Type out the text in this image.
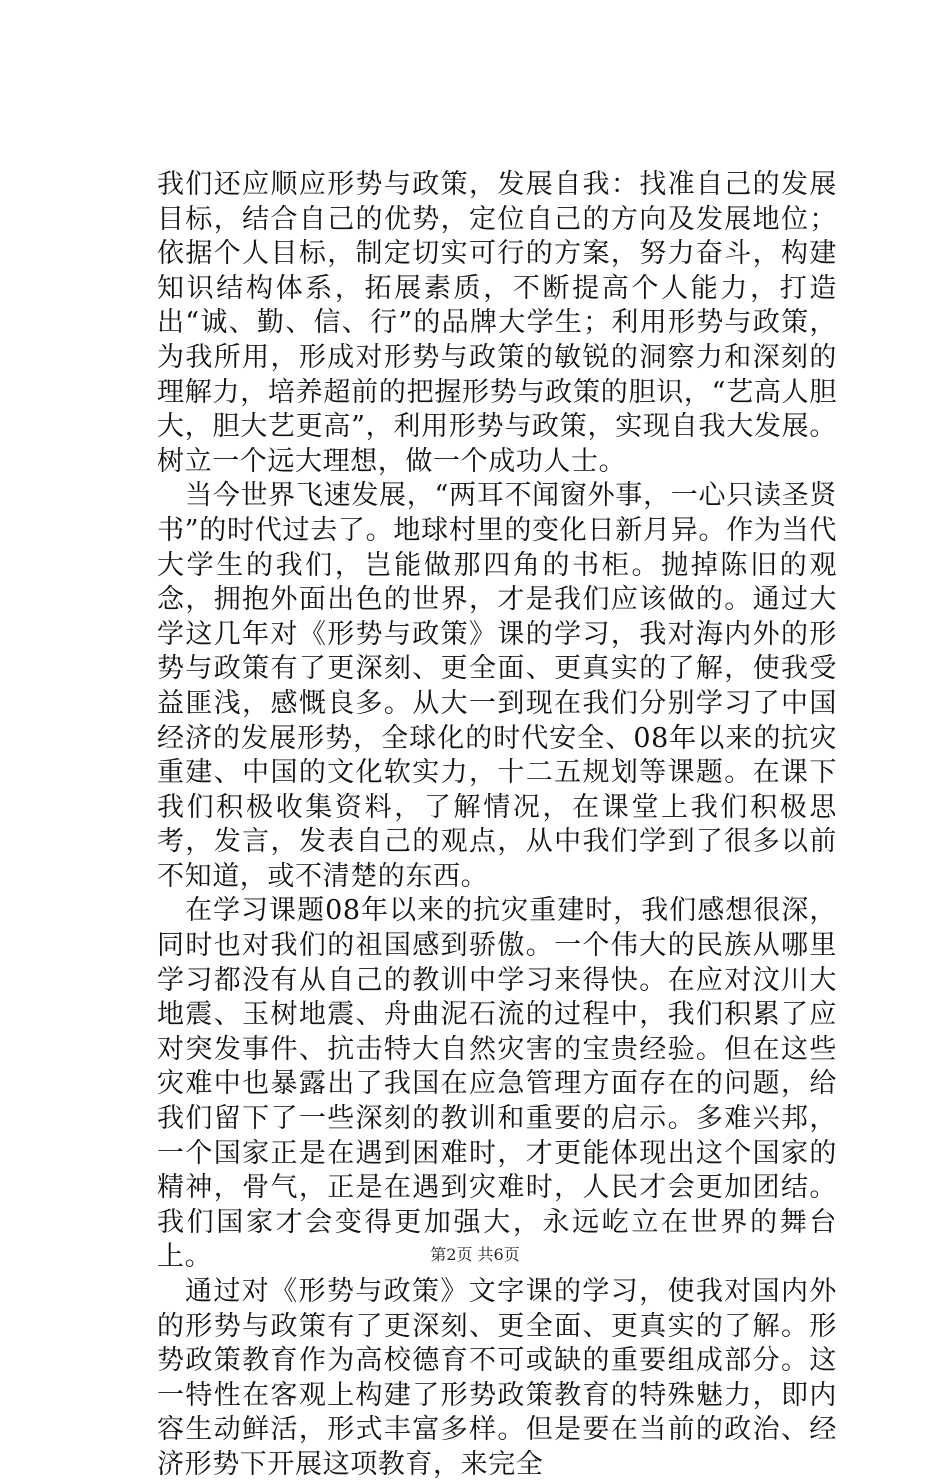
我们还应顺应形势与政策，发展自我：找准自己的发展目标，结合自己的优势，定位自己的方向及发展地位；依据个人目标，制定切实可行的方案，努力奋斗，构建知识结构体系，拓展素质，不断提高个人能力，打造出“诚、勤、信、行”的品牌大学生；利用形势与政策，为我所用，形成对形势与政策的敏锐的洞察力和深刻的理解力，培养超前的把握形势与政策的胆识，“艺高人胆大，胆大艺更高”，利用形势与政策，实现自我大发展。树立一个远大理想，做一个成功人士。

当今世界飞速发展，“两耳不闻窗外事，一心只读圣贤书”的时代过去了。地球村里的变化日新月异。作为当代大学生的我们，岂能做那四角的书柜。抛掉陈旧的观念，拥抱外面出色的世界，才是我们应该做的。通过大学这几年对《形势与政策》课的学习，我对海内外的形势与政策有了更深刻、更全面、更真实的了解，使我受益匪浅，感慨良多。从大一到现在我们分别学习了中国经济的发展形势，全球化的时代安全、08年以来的抗灾重建、中国的文化软实力，十二五规划等课题。在课下我们积极收集资料，了解情况，在课堂上我们积极思考，发言，发表自己的观点，从中我们学到了很多以前不知道，或不清楚的东西。

在学习课题08年以来的抗灾重建时，我们感想很深，同时也对我们的祖国感到骄傲。一个伟大的民族从哪里学习都没有从自己的教训中学习来得快。在应对汶川大地震、玉树地震、舟曲泥石流的过程中，我们积累了应对突发事件、抗击特大自然灾害的宝贵经验。但在这些灾难中也暴露出了我国在应急管理方面存在的问题，给我们留下了一些深刻的教训和重要的启示。多难兴邦，一个国家正是在遇到困难时，才更能体现出这个国家的精神，骨气，正是在遇到灾难时，人民才会更加团结。我们国家才会变得更加强大，永远屹立在世界的舞台上。

通过对《形势与政策》文字课的学习，使我对国内外的形势与政策有了更深刻、更全面、更真实的了解。形势政策教育作为高校德育不可或缺的重要组成部分。这一特性在客观上构建了形势政策教育的特殊魅力，即内容生动鲜活，形式丰富多样。但是要在当前的政治、经济形势下开展这项教育，来完全

第2页 共6页
